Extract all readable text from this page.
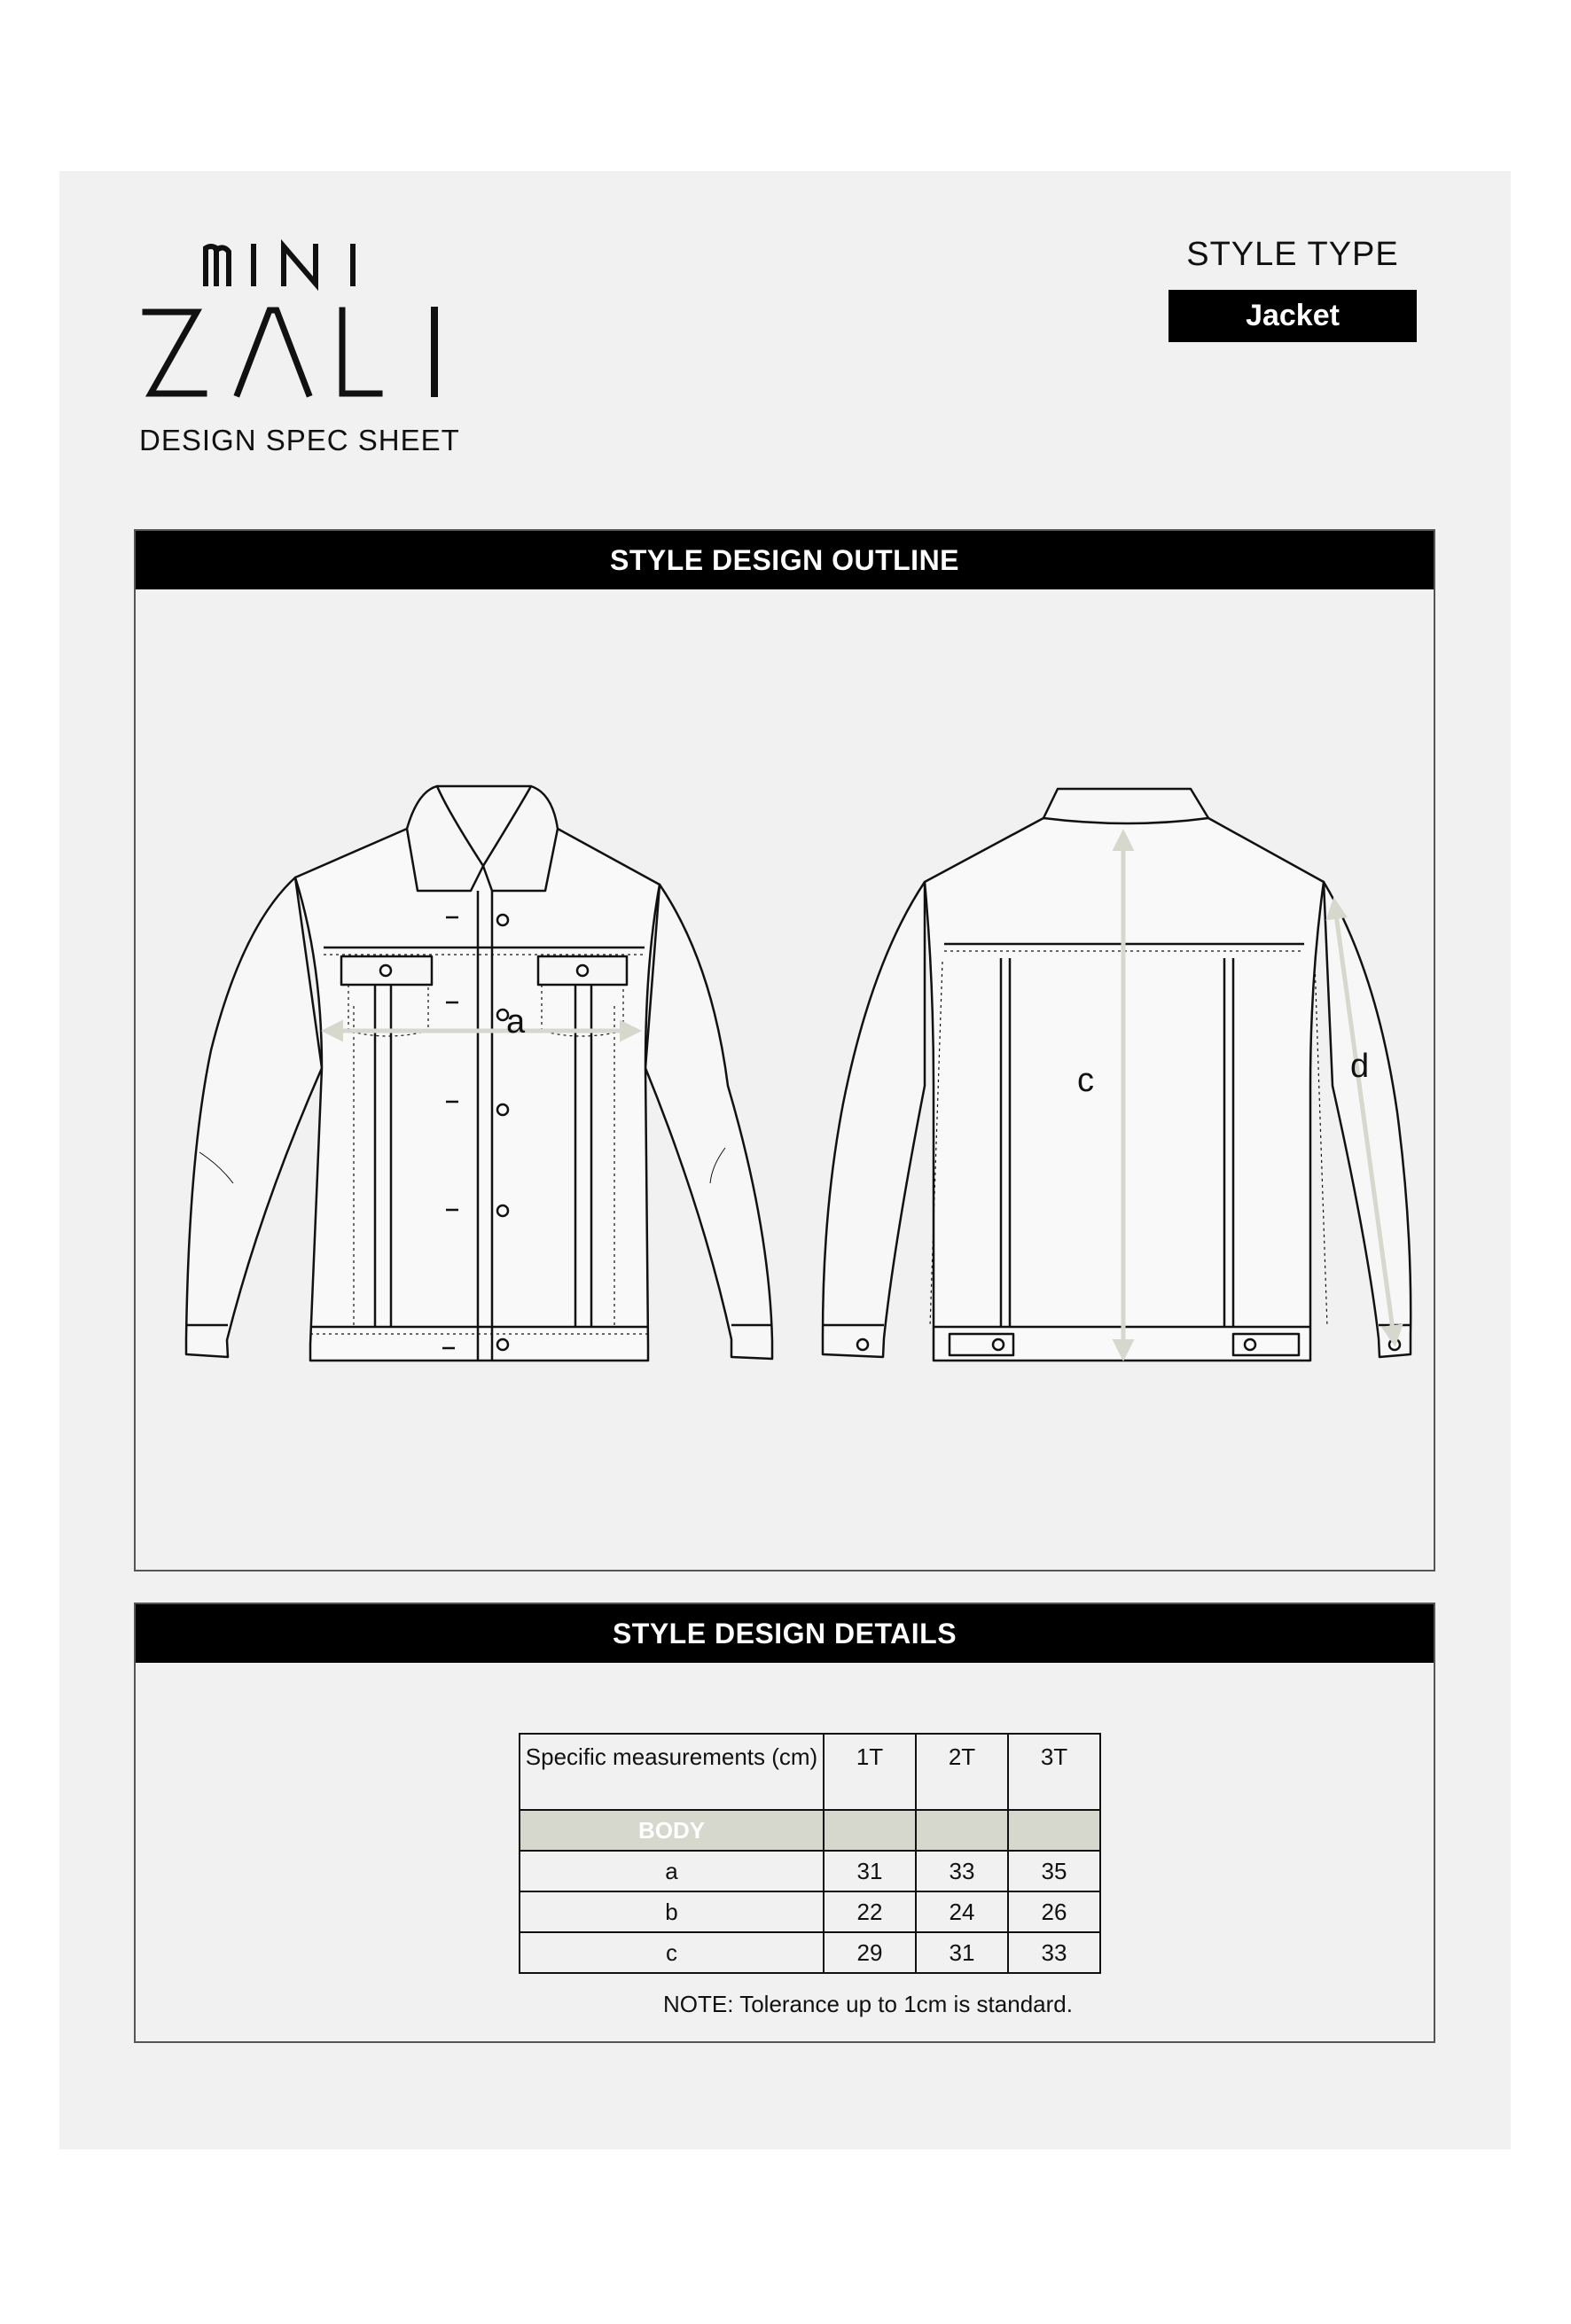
DESIGN SPEC SHEET
STYLE TYPE
Jacket
STYLE DESIGN OUTLINE
a
c	d
STYLE DESIGN DETAILS
Specific measurements (cm)	1T	2T	3T
BODY			
a	31	33	35
b	22	24	26
c	29	31	33
NOTE: Tolerance up to 1cm is standard.
